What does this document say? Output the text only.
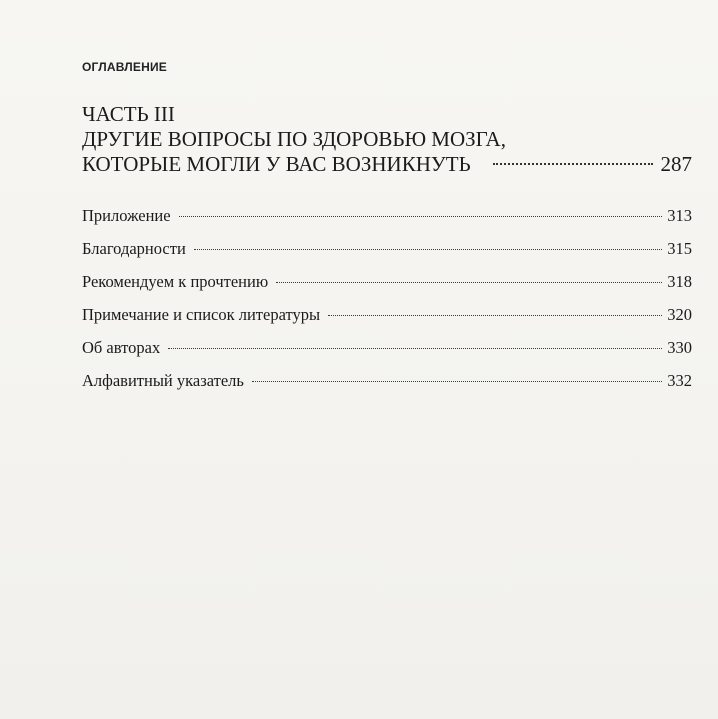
ОГЛАВЛЕНИЕ
ЧАСТЬ III
ДРУГИЕ ВОПРОСЫ ПО ЗДОРОВЬЮ МОЗГА,
КОТОРЫЕ МОГЛИ У ВАС ВОЗНИКНУТЬ	287
Приложение	313
Благодарности	315
Рекомендуем к прочтению	318
Примечание и список литературы	320
Об авторах	330
Алфавитный указатель	332
